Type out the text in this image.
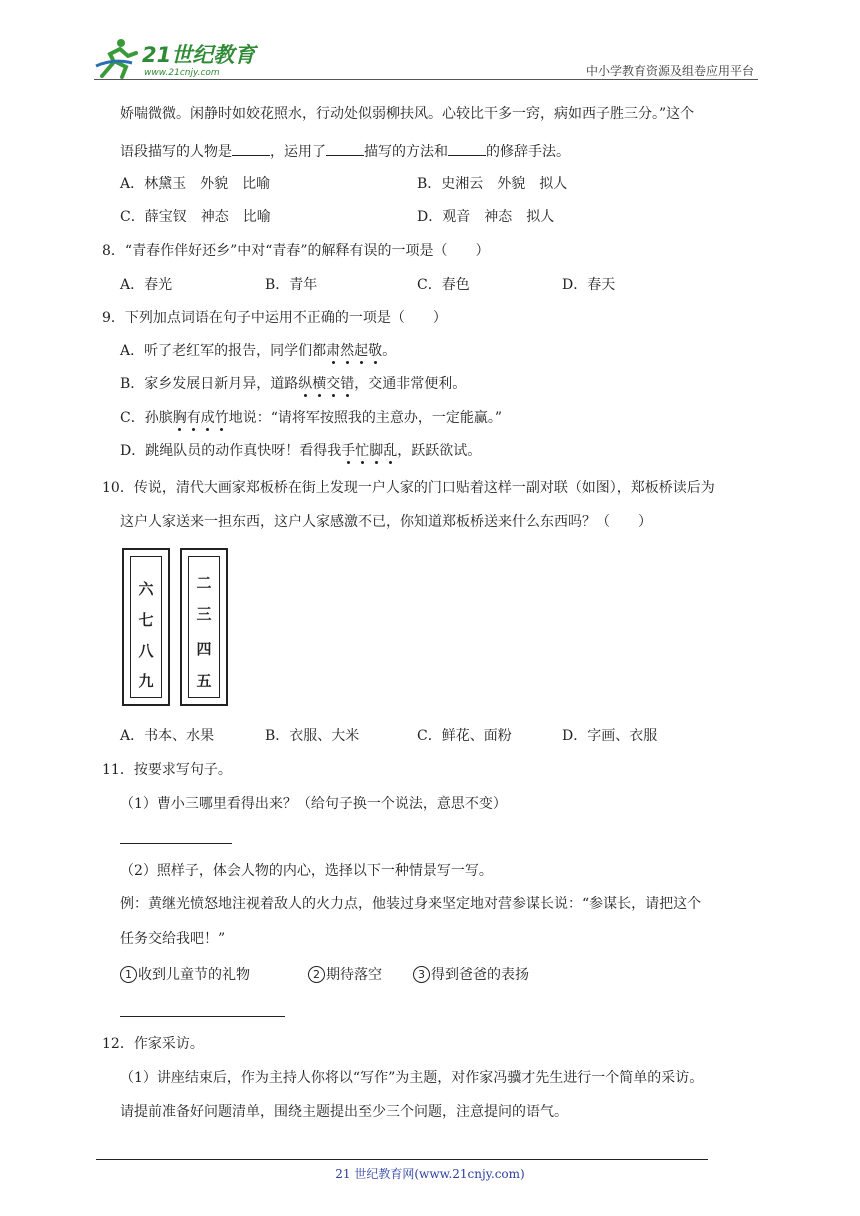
21世纪教育
www.21cnjy.com	中小学教育资源及组卷应用平台
娇喘微微。闲静时如姣花照水，行动处似弱柳扶风。心较比干多一窍，病如西子胜三分。”这个
语段描写的人物是	，运用了	描写的方法和	的修辞手法。
A．林黛玉　外貌　比喻	B．史湘云　外貌　拟人
C．薛宝钗　神态　比喻	D．观音　神态　拟人
8．“青春作伴好还乡”中对“青春”的解释有误的一项是（　　）
A．春光	B．青年	C．春色	D．春天
9．下列加点词语在句子中运用不正确的一项是（　　）
A．听了老红军的报告，同学们都肃然起敬。
B．家乡发展日新月异，道路纵横交错，交通非常便利。
C．孙膑胸有成竹地说：“请将军按照我的主意办，一定能赢。”
D．跳绳队员的动作真快呀！看得我手忙脚乱，跃跃欲试。
10．传说，清代大画家郑板桥在街上发现一户人家的门口贴着这样一副对联（如图），郑板桥读后为
这户人家送来一担东西，这户人家感激不已，你知道郑板桥送来什么东西吗？（　　）
六
七
八
九
二
三
四
五
A．书本、水果	B．衣服、大米	C．鲜花、面粉	D．字画、衣服
11．按要求写句子。
（1）曹小三哪里看得出来？（给句子换一个说法，意思不变）
（2）照样子，体会人物的内心，选择以下一种情景写一写。
例：黄继光愤怒地注视着敌人的火力点，他装过身来坚定地对营参谋长说：“参谋长，请把这个
任务交给我吧！”
1 收到儿童节的礼物	2 期待落空	3 得到爸爸的表扬
12．作家采访。
（1）讲座结束后，作为主持人你将以“写作”为主题，对作家冯骥才先生进行一个简单的采访。
请提前准备好问题清单，围绕主题提出至少三个问题，注意提问的语气。
21 世纪教育网(www.21cnjy.com)
